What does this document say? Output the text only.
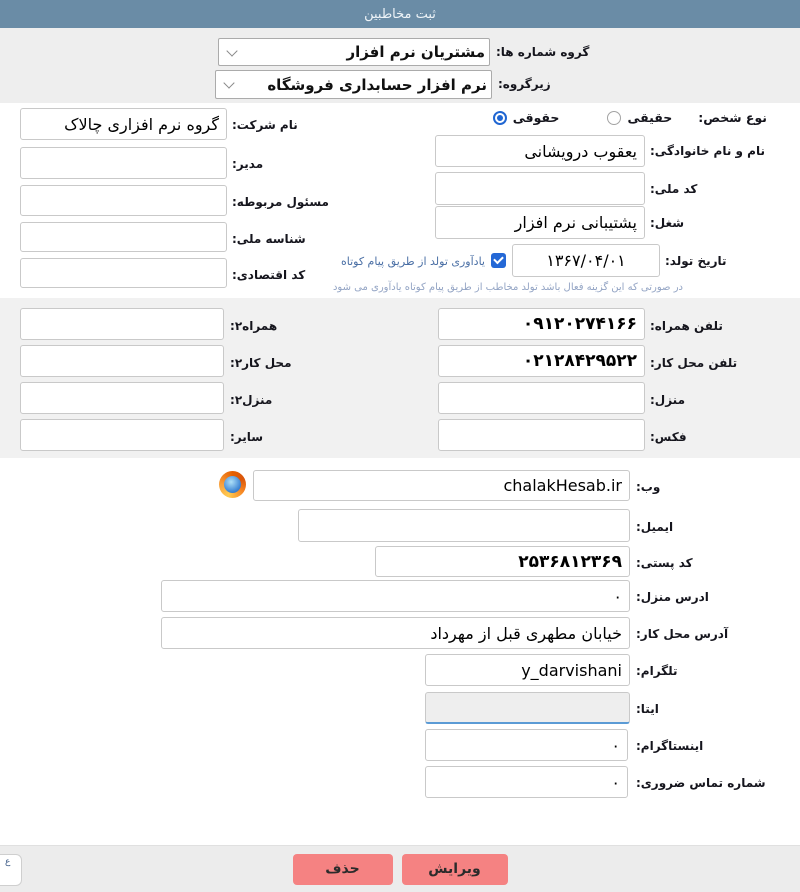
ثبت مخاطبین
گروه شماره ها:
مشتریان نرم افزار
زیرگروه:
نرم افزار حسابداری فروشگاه
نوع شخص:
حقیقی
حقوقی
نام و نام خانوادگی:
یعقوب درویشانی
کد ملی:
شغل:
پشتیبانی نرم افزار
تاریخ تولد:
۱۳۶۷/۰۴/۰۱
یادآوری تولد از طریق پیام کوتاه
در صورتی که این گزینه فعال باشد تولد مخاطب از طریق پیام کوتاه یادآوری می شود
نام شرکت:
گروه نرم افزاری چالاک
مدیر:
مسئول مربوطه:
شناسه ملی:
کد اقتصادی:
تلفن همراه:
۰۹۱۲۰۲۷۴۱۶۶
تلفن محل کار:
۰۲۱۲۸۴۲۹۵۲۲
منزل:
فکس:
همراه۲:
محل کار۲:
منزل۲:
سایر:
وب:
chalakHesab.ir
ایمیل:
کد پستی:
۲۵۳۶۸۱۲۳۶۹
ادرس منزل:
۰
آدرس محل کار:
خیابان مطهری قبل از مهرداد
تلگرام:
y_darvishani
ایتا:
اینستاگرام:
۰
شماره تماس ضروری:
۰
ویرایش
حذف
ع
